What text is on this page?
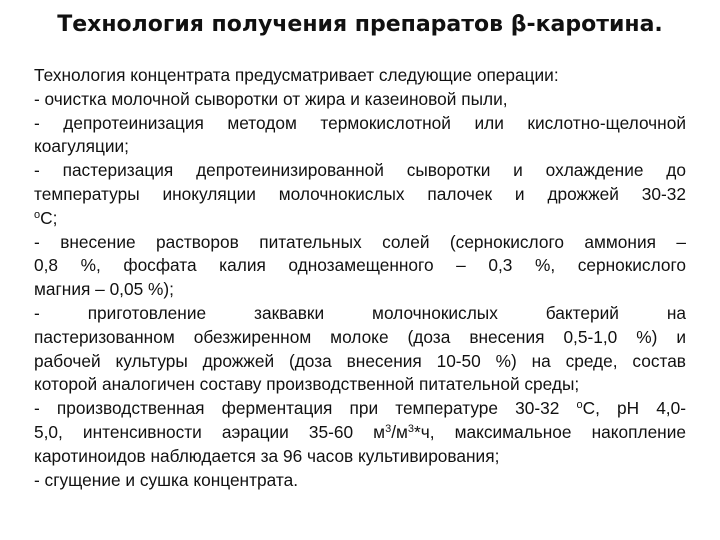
Технология получения препаратов β-каротина.
Технология концентрата предусматривает следующие операции:
- очистка молочной сыворотки от жира и казеиновой пыли,
- депротеинизация методом термокислотной или кислотно-щелочной
коагуляции;
- пастеризация депротеинизированной сыворотки и охлаждение до
температуры инокуляции молочнокислых палочек и дрожжей 30-32
$^о$С;
- внесение растворов питательных солей (сернокислого аммония –
0,8 %, фосфата калия однозамещенного – 0,3 %, сернокислого
магния – 0,05 %);
- приготовление заквавки молочнокислых бактерий на
пастеризованном обезжиренном молоке (доза внесения 0,5-1,0 %) и
рабочей культуры дрожжей (доза внесения 10-50 %) на среде, состав
которой аналогичен составу производственной питательной среды;
- производственная ферментация при температуре 30-32 $^о$С, рН 4,0-
5,0, интенсивности аэрации 35-60 $м^3/м^3*ч$, максимальное накопление
каротиноидов наблюдается за 96 часов культивирования;
- сгущение и сушка концентрата.
